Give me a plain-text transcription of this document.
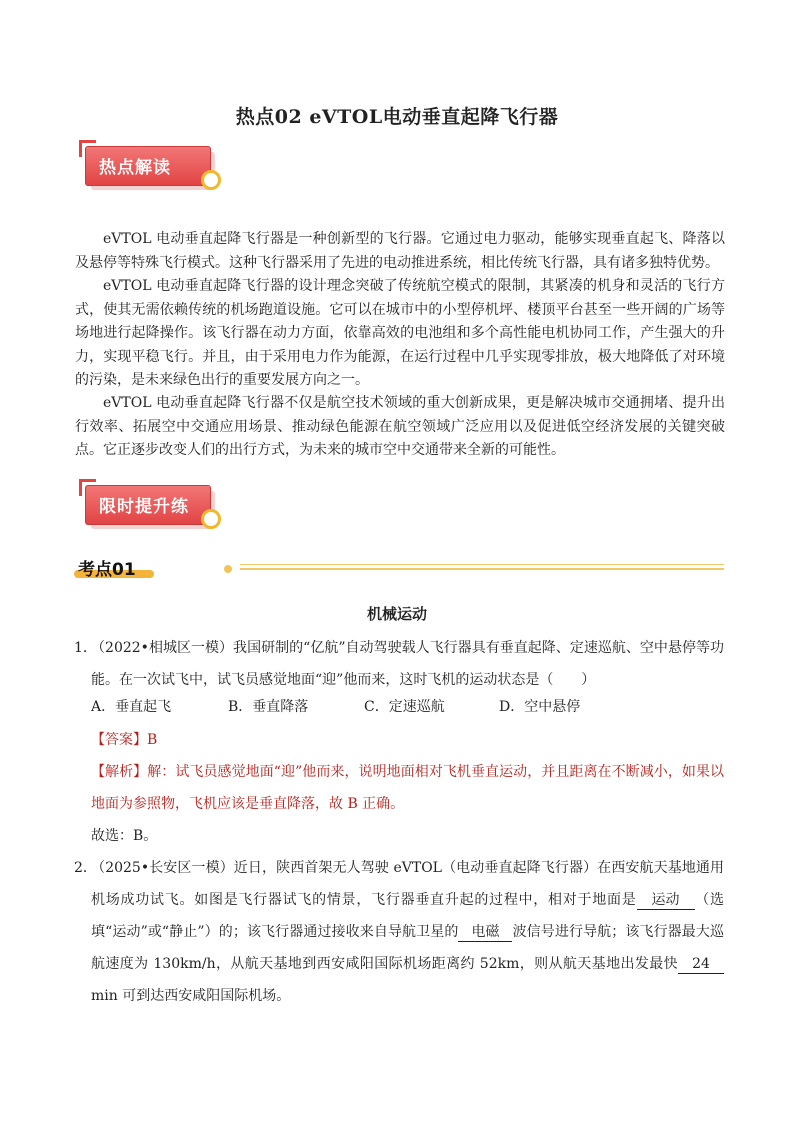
热点02 eVTOL电动垂直起降飞行器
热点解读
eVTOL 电动垂直起降飞行器是一种创新型的飞行器。它通过电力驱动，能够实现垂直起飞、降落以及悬停等特殊飞行模式。这种飞行器采用了先进的电动推进系统，相比传统飞行器，具有诸多独特优势。
eVTOL 电动垂直起降飞行器的设计理念突破了传统航空模式的限制，其紧凑的机身和灵活的飞行方式，使其无需依赖传统的机场跑道设施。它可以在城市中的小型停机坪、楼顶平台甚至一些开阔的广场等场地进行起降操作。该飞行器在动力方面，依靠高效的电池组和多个高性能电机协同工作，产生强大的升力，实现平稳飞行。并且，由于采用电力作为能源，在运行过程中几乎实现零排放，极大地降低了对环境的污染，是未来绿色出行的重要发展方向之一。
eVTOL 电动垂直起降飞行器不仅是航空技术领域的重大创新成果，更是解决城市交通拥堵、提升出行效率、拓展空中交通应用场景、推动绿色能源在航空领域广泛应用以及促进低空经济发展的关键突破点。它正逐步改变人们的出行方式，为未来的城市空中交通带来全新的可能性。
限时提升练
考点01
机械运动
1．（2022•相城区一模）我国研制的“亿航”自动驾驶载人飞行器具有垂直起降、定速巡航、空中悬停等功能。在一次试飞中，试飞员感觉地面“迎”他而来，这时飞机的运动状态是（　　）
A．垂直起飞	B．垂直降落	C．定速巡航	D．空中悬停
【答案】B
【解析】解：试飞员感觉地面“迎”他而来，说明地面相对飞机垂直运动，并且距离在不断减小，如果以地面为参照物，飞机应该是垂直降落，故 B 正确。
故选：B。
2．（2025•长安区一模）近日，陕西首架无人驾驶 eVTOL（电动垂直起降飞行器）在西安航天基地通用机场成功试飞。如图是飞行器试飞的情景，飞行器垂直升起的过程中，相对于地面是 运动 （选填“运动”或“静止”）的；该飞行器通过接收来自导航卫星的 电磁 波信号进行导航；该飞行器最大巡航速度为 130km/h，从航天基地到西安咸阳国际机场距离约 52km，则从航天基地出发最快 24min 可到达西安咸阳国际机场。
